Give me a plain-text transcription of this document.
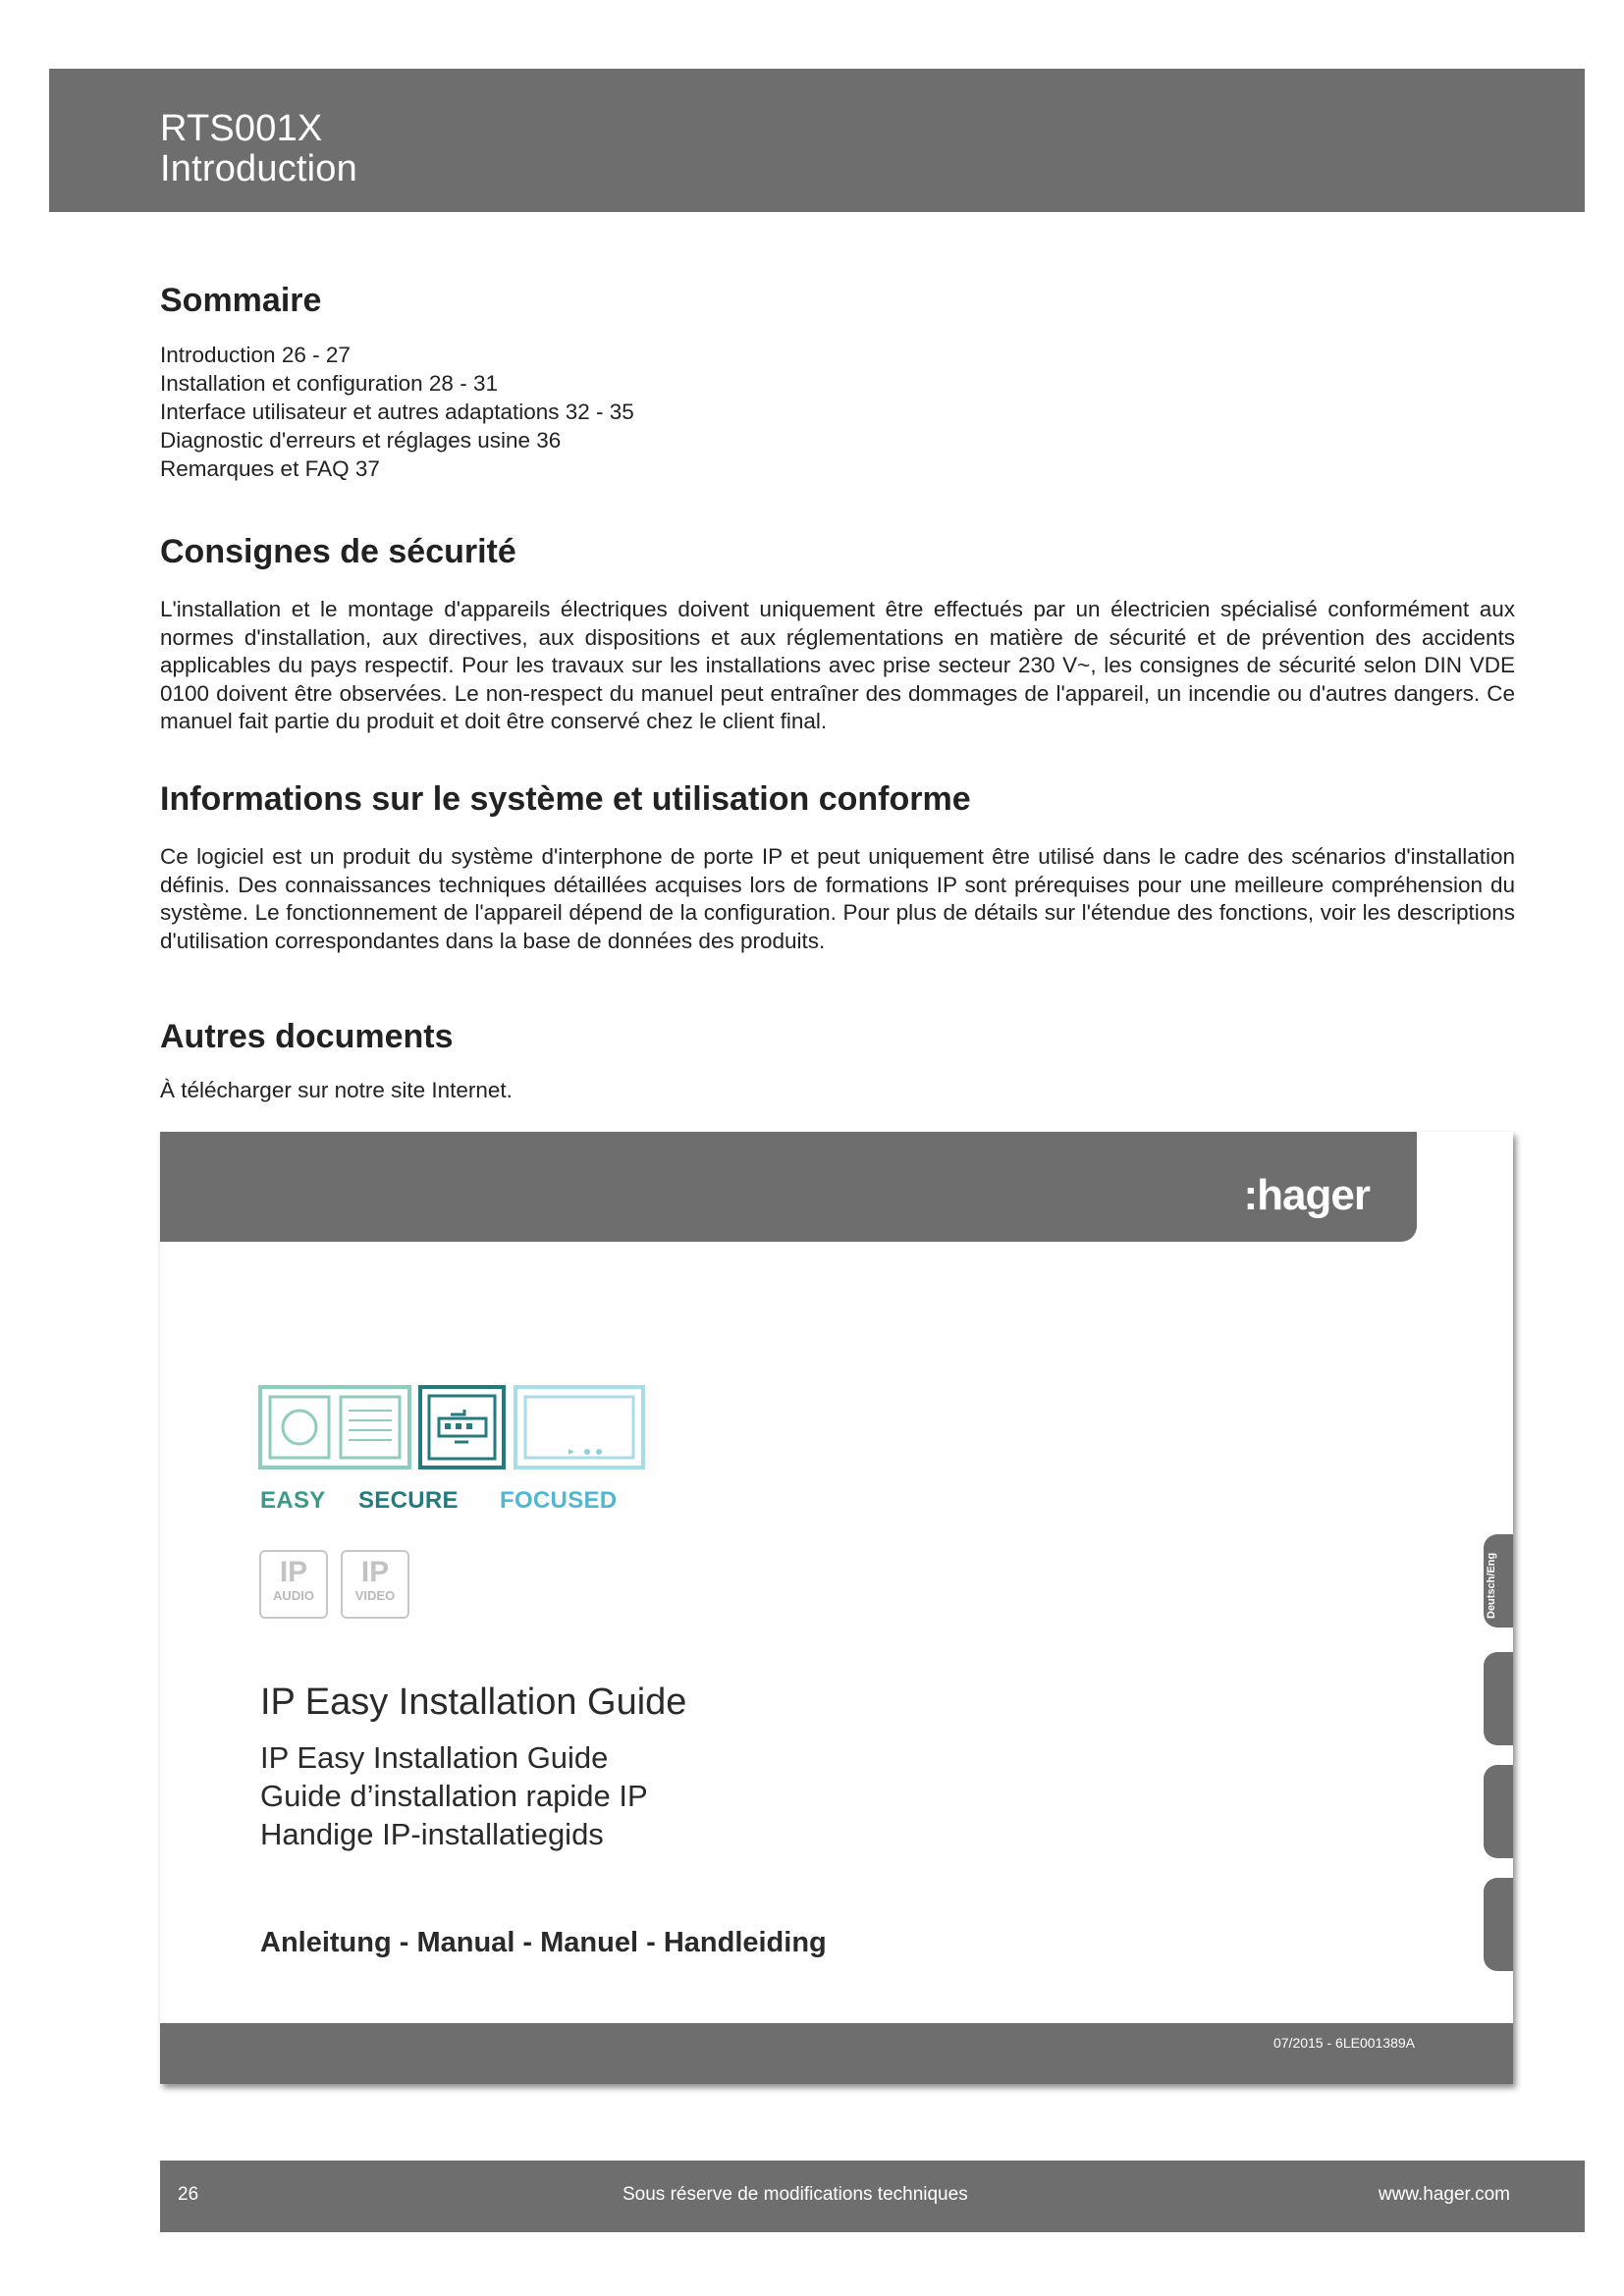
RTS001X
Introduction
Sommaire
Introduction 26 - 27
Installation et configuration 28 - 31
Interface utilisateur et autres adaptations 32 - 35
Diagnostic d'erreurs et réglages usine 36
Remarques et FAQ 37
Consignes de sécurité

L'installation et le montage d'appareils électriques doivent uniquement être effectués par un électricien spécialisé conformément aux normes d'installation, aux directives, aux dispositions et aux réglementations en matière de sécurité et de prévention des accidents applicables du pays respectif. Pour les travaux sur les installations avec prise secteur 230 V~, les consignes de sécurité selon DIN VDE 0100 doivent être observées. Le non-respect du manuel peut entraîner des dommages de l'appareil, un incendie ou d'autres dangers. Ce manuel fait partie du produit et doit être conservé chez le client final.

Informations sur le système et utilisation conforme

Ce logiciel est un produit du système d'interphone de porte IP et peut uniquement être utilisé dans le cadre des scénarios d'installation définis. Des connaissances techniques détaillées acquises lors de formations IP sont prérequises pour une meilleure compréhension du système. Le fonctionnement de l'appareil dépend de la configuration. Pour plus de détails sur l'étendue des fonctions, voir les descriptions d'utilisation correspondantes dans la base de données des produits.

Autres documents

À télécharger sur notre site Internet.

:hager
EASY SECURE FOCUSED
IP
AUDIO
IP
VIDEO
IP Easy Installation Guide
IP Easy Installation Guide
Guide d’installation rapide IP
Handige IP-installatiegids
Anleitung - Manual - Manuel - Handleiding
Deutsch/Eng
07/2015 - 6LE001389A
26	Sous réserve de modifications techniques	www.hager.com
